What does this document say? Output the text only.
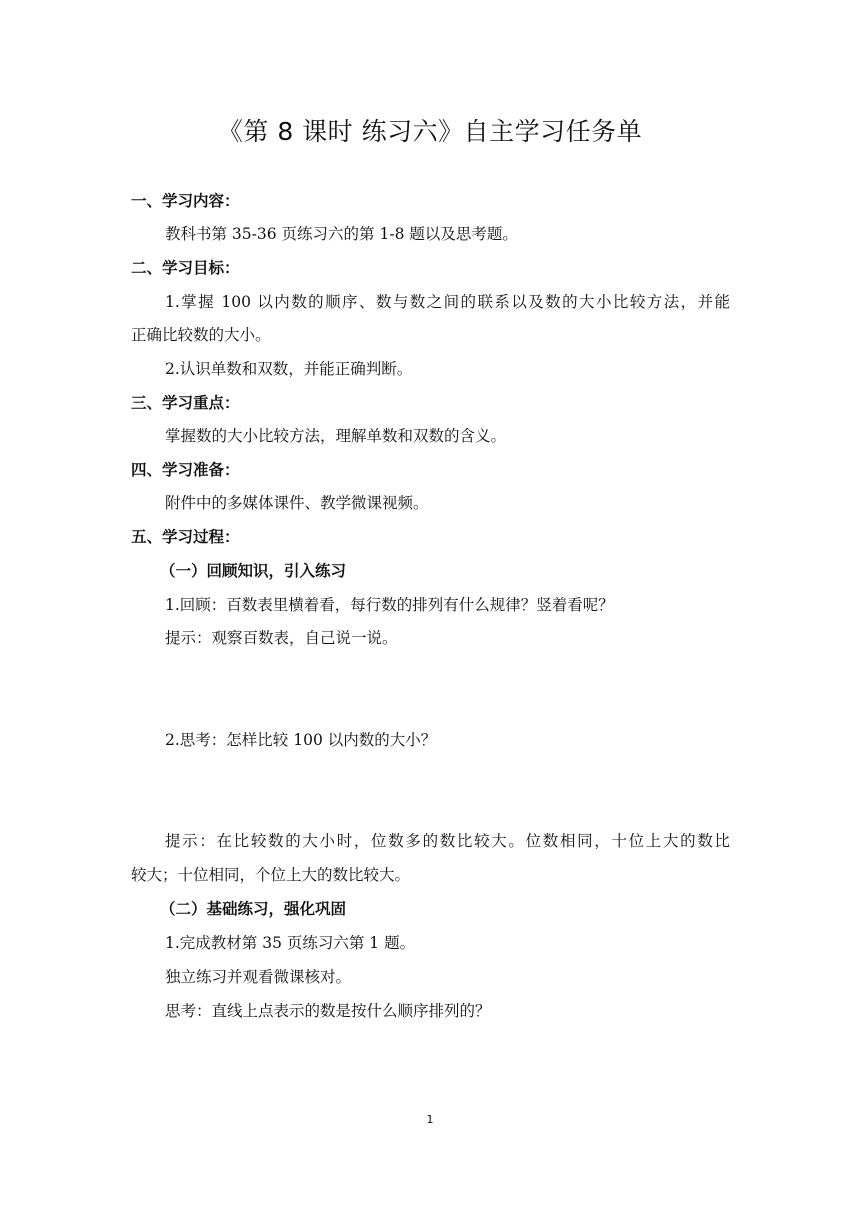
《第 8 课时 练习六》自主学习任务单
一、学习内容：
教科书第 35-36 页练习六的第 1-8 题以及思考题。
二、学习目标：
1.掌握 100 以内数的顺序、数与数之间的联系以及数的大小比较方法，并能
正确比较数的大小。
2.认识单数和双数，并能正确判断。
三、学习重点：
掌握数的大小比较方法，理解单数和双数的含义。
四、学习准备：
附件中的多媒体课件、教学微课视频。
五、学习过程：
（一）回顾知识，引入练习
1.回顾：百数表里横着看，每行数的排列有什么规律？竖着看呢？
提示：观察百数表，自己说一说。
2.思考：怎样比较 100 以内数的大小？
提示：在比较数的大小时，位数多的数比较大。位数相同，十位上大的数比
较大；十位相同，个位上大的数比较大。
（二）基础练习，强化巩固
1.完成教材第 35 页练习六第 1 题。
独立练习并观看微课核对。
思考：直线上点表示的数是按什么顺序排列的？
1
